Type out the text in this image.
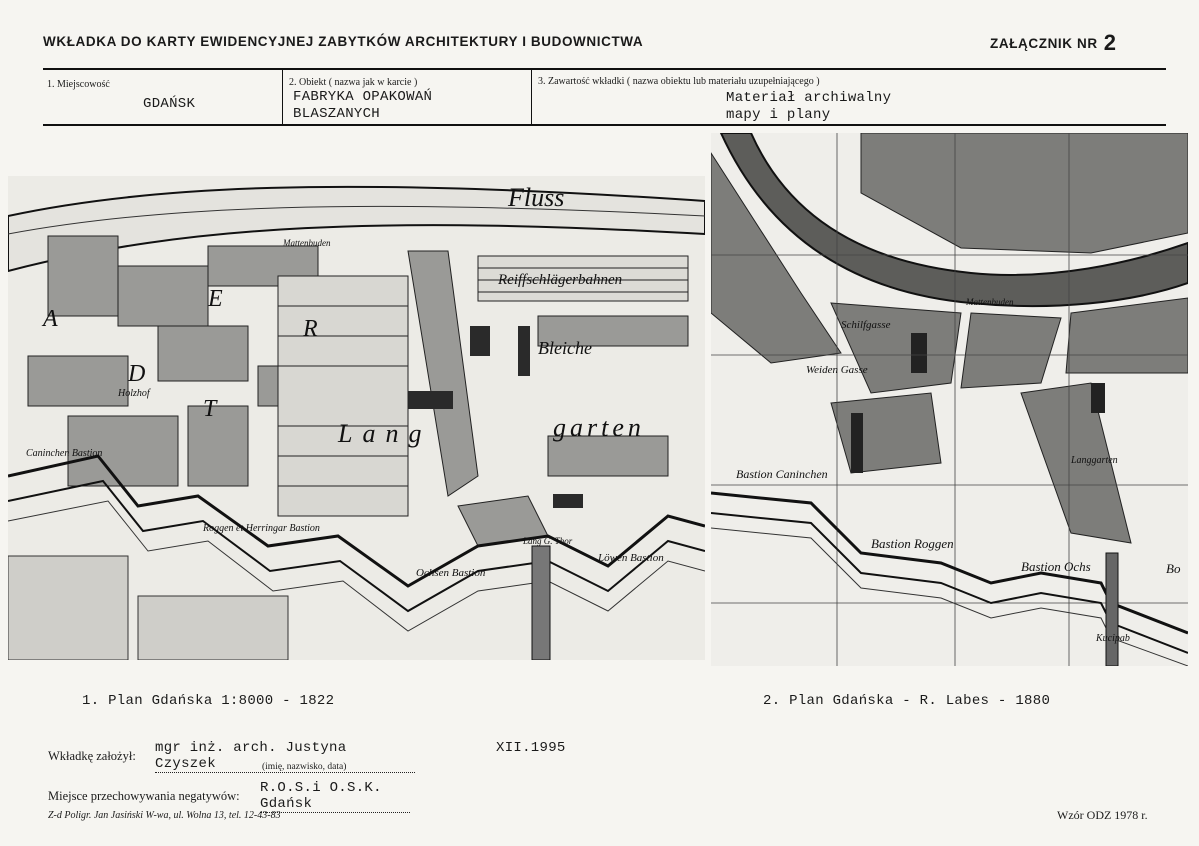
WKŁADKA DO KARTY EWIDENCYJNEJ ZABYTKÓW ARCHITEKTURY I BUDOWNICTWA	ZAŁĄCZNIK NR 2
1. Miejscowość
GDAŃSK
2. Obiekt ( nazwa jak w karcie )
FABRYKA OPAKOWAŃ
BLASZANYCH
3. Zawartość wkładki ( nazwa obiektu lub materiału uzupełniającego )
Materiał archiwalny
mapy i plany
Fluss
Reiffschlägerbahnen
Bleiche
Lang	garten
Holzhof
Caninchen Bastion
Roggen et Herringar Bastion
Ochsen Bastion
Löwen Bastion
Lang G. Thor
Mattenbuden
A
D
E
R
T
Bastion Caninchen
Bastion Roggen
Bastion Ochs
Schilfgasse
Weiden Gasse
Mattenbuden
Langgarten
Kucipab
Bo
1. Plan Gdańska 1:8000 - 1822	2. Plan Gdańska - R. Labes - 1880
Wkładkę założył: mgr inż. arch. Justyna Czyszek
XII.1995
(imię, nazwisko, data)
Miejsce przechowywania negatywów: R.O.S.i O.S.K. Gdańsk
Z-d Poligr. Jan Jasiński W-wa, ul. Wolna 13, tel. 12-43-83	Wzór ODZ 1978 r.
